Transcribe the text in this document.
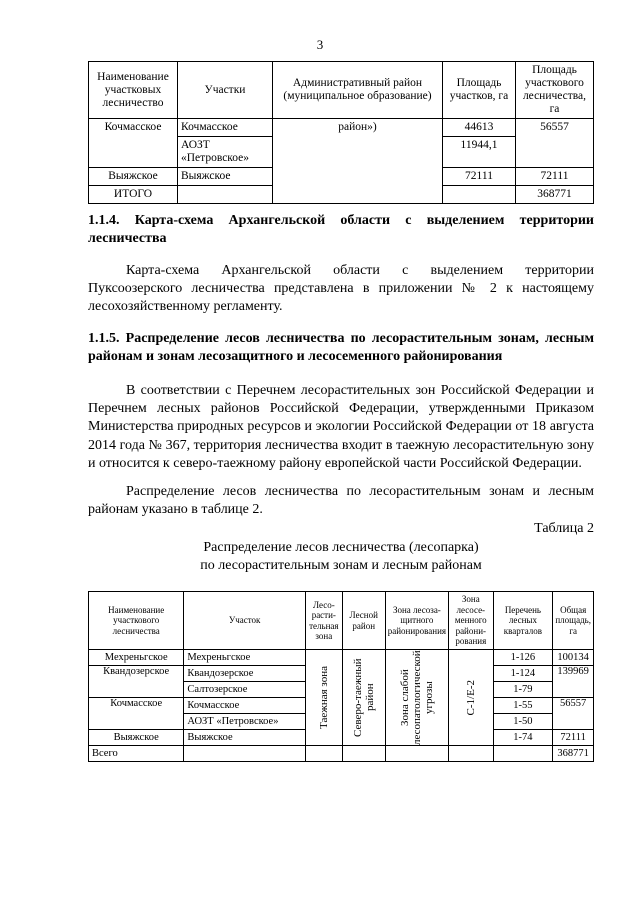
3
Наименование участковых лесничество	Участки	Административный район (муниципальное образование)	Площадь участков, га	Площадь участкового лесничества, га
Кочмасское	Кочмасское	район»)	44613	56557
	АОЗТ «Петровское»		11944,1	
Выяжское	Выяжское		72111	72111
ИТОГО				368771
1.1.4. Карта-схема Архангельской области с выделением территории лесничества

Карта-схема Архангельской области с выделением территории Пуксоозерского лесничества представлена в приложении № 2 к настоящему лесохозяйственному регламенту.

1.1.5. Распределение лесов лесничества по лесорастительным зонам, лесным районам и зонам лесозащитного и лесосеменного районирования

В соответствии с Перечнем лесорастительных зон Российской Федерации и Перечнем лесных районов Российской Федерации, утвержденными Приказом Министерства природных ресурсов и экологии Российской Федерации от 18 августа 2014 года № 367, территория лесничества входит в таежную лесорастительную зону и относится к северо-таежному району европейской части Российской Федерации.

Распределение лесов лесничества по лесорастительным зонам и лесным районам указано в таблице 2.

Таблица 2
Распределение лесов лесничества (лесопарка)
по лесорастительным зонам и лесным районам
Наименование участкового лесничества	Участок	Лесо-расти-тельная зона	Лесной район	Зона лесоза-щитного районирования	Зона лесосе-менного райони-рования	Перечень лесных кварталов	Общая площадь, га
Мехреньгское	Мехреньгское	Таежная зона	Северо-таежный район	Зона слабой лесопатологической угрозы	С-1/Е-2	1-126	100134
Квандозерское	Квандозерское					1-124	139969
	Салтозерское					1-79	
Кочмасское	Кочмасское					1-55	56557
	АОЗТ «Петровское»					1-50	
Выяжское	Выяжское					1-74	72111
Всего							368771
